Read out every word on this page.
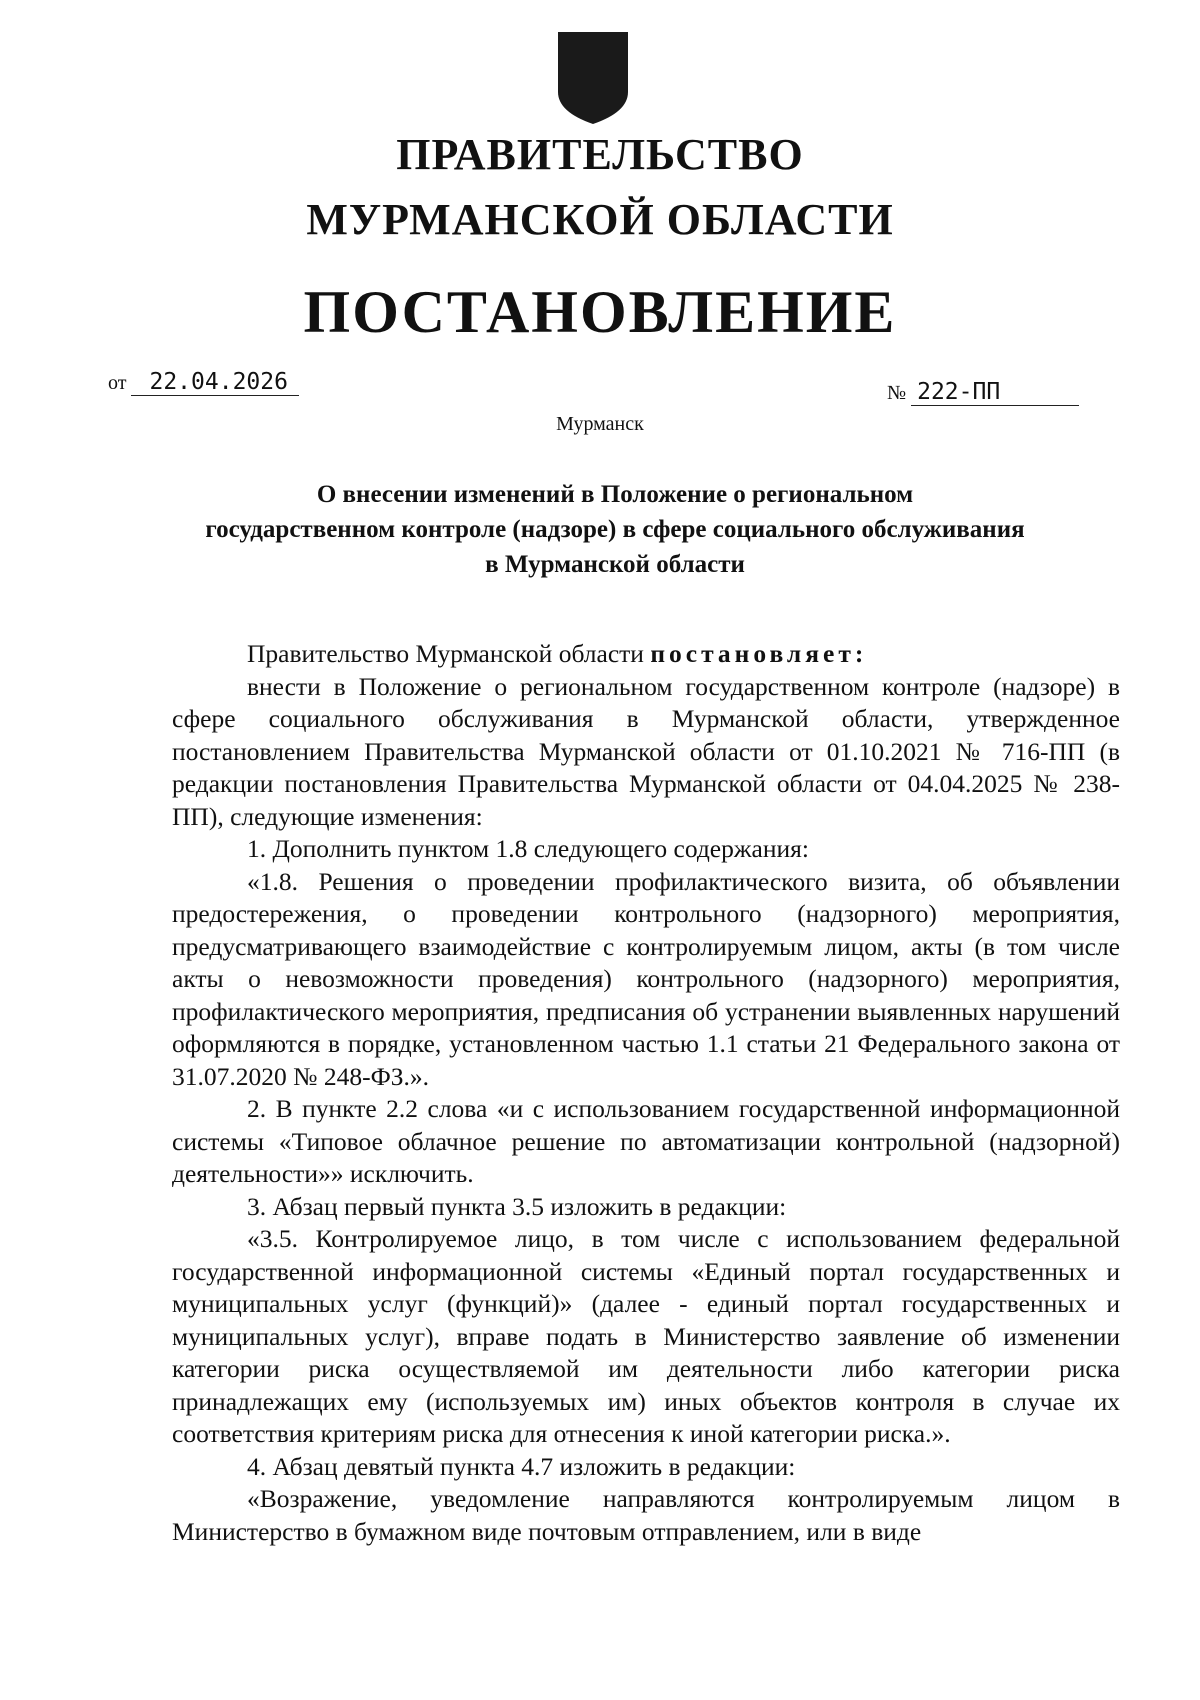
ПРАВИТЕЛЬСТВО
МУРМАНСКОЙ ОБЛАСТИ
ПОСТАНОВЛЕНИЕ
от 22.04.2026	№ 222-ПП
Мурманск
О внесении изменений в Положение о региональном
государственном контроле (надзоре) в сфере социального обслуживания
в Мурманской области

Правительство Мурманской области постановляет:

внести в Положение о региональном государственном контроле (надзоре) в сфере социального обслуживания в Мурманской области, утвержденное постановлением Правительства Мурманской области от 01.10.2021 № 716-ПП (в редакции постановления Правительства Мурманской области от 04.04.2025 № 238-ПП), следующие изменения:

1. Дополнить пунктом 1.8 следующего содержания:

«1.8. Решения о проведении профилактического визита, об объявлении предостережения, о проведении контрольного (надзорного) мероприятия, предусматривающего взаимодействие с контролируемым лицом, акты (в том числе акты о невозможности проведения) контрольного (надзорного) мероприятия, профилактического мероприятия, предписания об устранении выявленных нарушений оформляются в порядке, установленном частью 1.1 статьи 21 Федерального закона от 31.07.2020 № 248-ФЗ.».

2. В пункте 2.2 слова «и с использованием государственной информационной системы «Типовое облачное решение по автоматизации контрольной (надзорной) деятельности»» исключить.

3. Абзац первый пункта 3.5 изложить в редакции:

«3.5. Контролируемое лицо, в том числе с использованием федеральной государственной информационной системы «Единый портал государственных и муниципальных услуг (функций)» (далее - единый портал государственных и муниципальных услуг), вправе подать в Министерство заявление об изменении категории риска осуществляемой им деятельности либо категории риска принадлежащих ему (используемых им) иных объектов контроля в случае их соответствия критериям риска для отнесения к иной категории риска.».

4. Абзац девятый пункта 4.7 изложить в редакции:

«Возражение, уведомление направляются контролируемым лицом в Министерство в бумажном виде почтовым отправлением, или в виде
